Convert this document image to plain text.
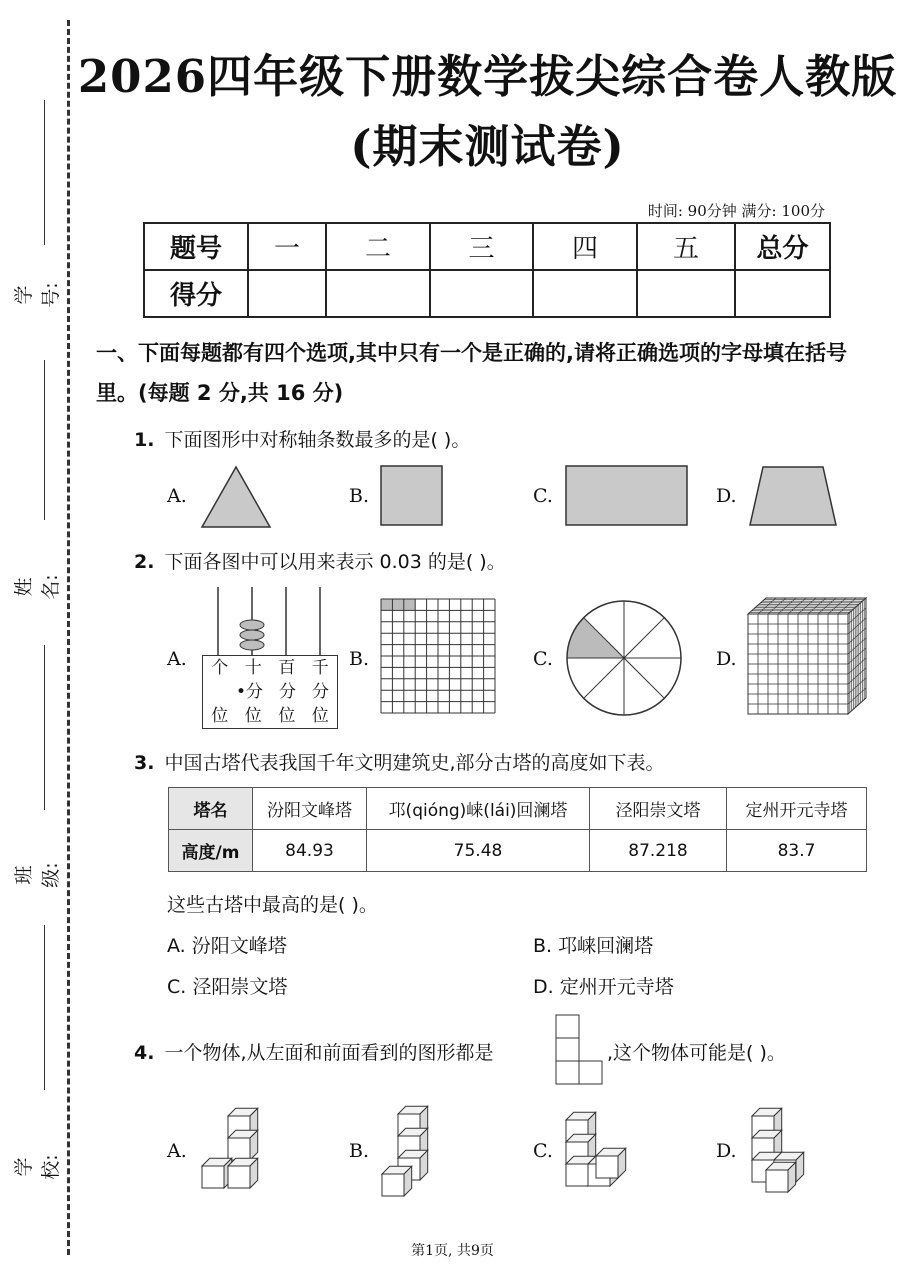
学号:
姓名:
班级:
学校:
2026四年级下册数学拔尖综合卷人教版
(期末测试卷)
时间: 90分钟 满分: 100分
题号	一	二	三	四	五	总分
得分						
一、下面每题都有四个选项,其中只有一个是正确的,请将正确选项的字母填在括号里。(每题 2 分,共 16 分)
1. 下面图形中对称轴条数最多的是( )。
A.	B.	C.	D.
2. 下面各图中可以用来表示 0.03 的是( )。
A. 个 十 百 千
•分 分 分
位 位 位 位
B.	C.	D.
3. 中国古塔代表我国千年文明建筑史,部分古塔的高度如下表。
塔名	汾阳文峰塔	邛(qióng)崃(lái)回澜塔	泾阳崇文塔	定州开元寺塔
高度/m	84.93	75.48	87.218	83.7
这些古塔中最高的是( )。
A. 汾阳文峰塔	B. 邛崃回澜塔
C. 泾阳崇文塔	D. 定州开元寺塔
4. 一个物体,从左面和前面看到的图形都是	,这个物体可能是( )。
A.	B.	C.	D.
第1页, 共9页
